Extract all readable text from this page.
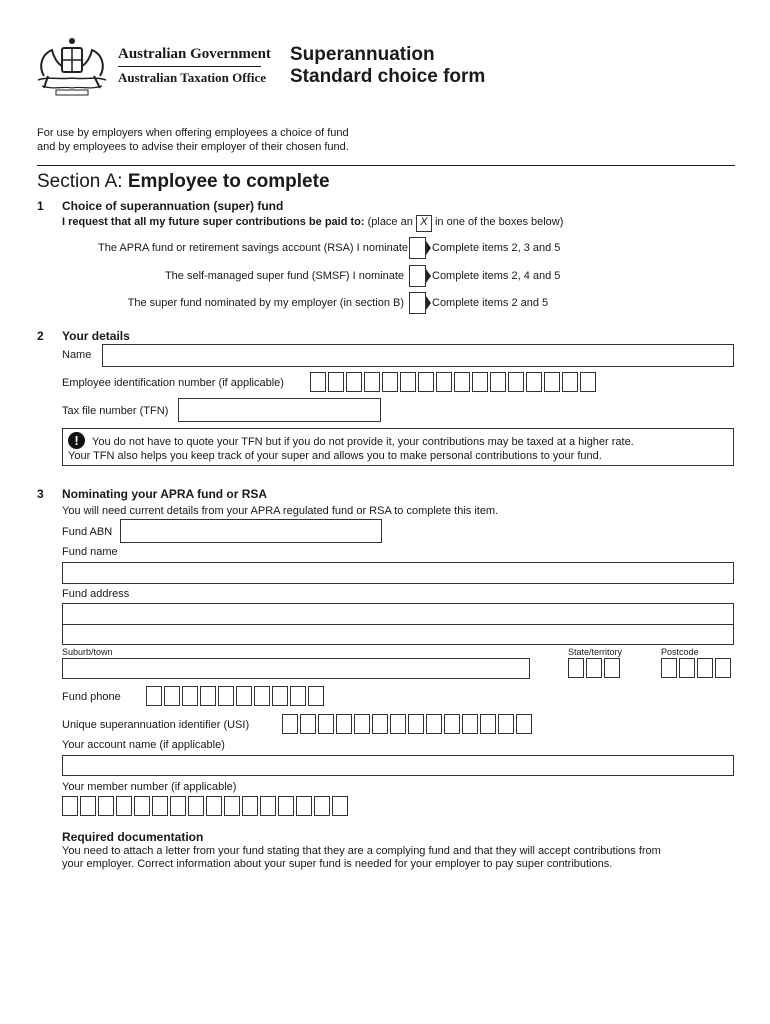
Australian Government
Australian Taxation Office
Superannuation
Standard choice form
For use by employers when offering employees a choice of fund
and by employees to advise their employer of their chosen fund.
Section A: Employee to complete
1 Choice of superannuation (super) fund
I request that all my future super contributions be paid to: (place an X in one of the boxes below)
The APRA fund or retirement savings account (RSA) I nominate Complete items 2, 3 and 5
The self-managed super fund (SMSF) I nominate	Complete items 2, 4 and 5
The super fund nominated by my employer (in section B)	Complete items 2 and 5
2 Your details
Name
Employee identification number (if applicable)
Tax file number (TFN)
!	You do not have to quote your TFN but if you do not provide it, your contributions may be taxed at a higher rate.
Your TFN also helps you keep track of your super and allows you to make personal contributions to your fund.
3 Nominating your APRA fund or RSA
You will need current details from your APRA regulated fund or RSA to complete this item.
Fund ABN
Fund name
Fund address
Suburb/town	State/territory	Postcode
Fund phone
Unique superannuation identifier (USI)
Your account name (if applicable)
Your member number (if applicable)
Required documentation
You need to attach a letter from your fund stating that they are a complying fund and that they will accept contributions from
your employer. Correct information about your super fund is needed for your employer to pay super contributions.
